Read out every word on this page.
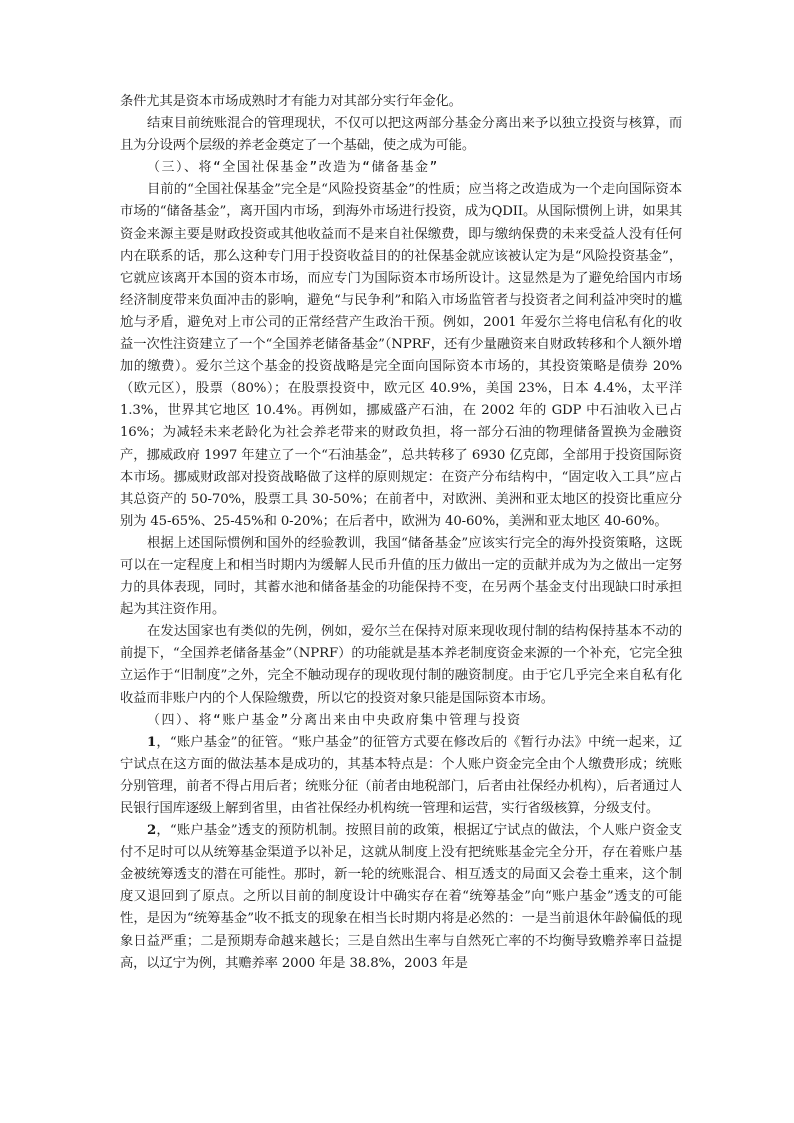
条件尤其是资本市场成熟时才有能力对其部分实行年金化。

结束目前统账混合的管理现状，不仅可以把这两部分基金分离出来予以独立投资与核算，而且为分设两个层级的养老金奠定了一个基础，使之成为可能。

（三）、将“全国社保基金”改造为“储备基金”

目前的“全国社保基金”完全是“风险投资基金”的性质；应当将之改造成为一个走向国际资本市场的“储备基金”，离开国内市场，到海外市场进行投资，成为QDII。从国际惯例上讲，如果其资金来源主要是财政投资或其他收益而不是来自社保缴费，即与缴纳保费的未来受益人没有任何内在联系的话，那么这种专门用于投资收益目的的社保基金就应该被认定为是“风险投资基金”，它就应该离开本国的资本市场，而应专门为国际资本市场所设计。这显然是为了避免给国内市场经济制度带来负面冲击的影响，避免“与民争利”和陷入市场监管者与投资者之间利益冲突时的尴尬与矛盾，避免对上市公司的正常经营产生政治干预。例如，2001 年爱尔兰将电信私有化的收益一次性注资建立了一个“全国养老储备基金”（NPRF，还有少量融资来自财政转移和个人额外增加的缴费）。爱尔兰这个基金的投资战略是完全面向国际资本市场的，其投资策略是债券 20%（欧元区），股票（80%）；在股票投资中，欧元区 40.9%，美国 23%，日本 4.4%，太平洋 1.3%，世界其它地区 10.4%。再例如，挪威盛产石油，在 2002 年的 GDP 中石油收入已占 16%；为减轻未来老龄化为社会养老带来的财政负担，将一部分石油的物理储备置换为金融资产，挪威政府 1997 年建立了一个“石油基金”，总共转移了 6930 亿克郎，全部用于投资国际资本市场。挪威财政部对投资战略做了这样的原则规定：在资产分布结构中，“固定收入工具”应占其总资产的 50-70%，股票工具 30-50%；在前者中，对欧洲、美洲和亚太地区的投资比重应分别为 45-65%、25-45%和 0-20%；在后者中，欧洲为 40-60%，美洲和亚太地区 40-60%。

根据上述国际惯例和国外的经验教训，我国“储备基金”应该实行完全的海外投资策略，这既可以在一定程度上和相当时期内为缓解人民币升值的压力做出一定的贡献并成为为之做出一定努力的具体表现，同时，其蓄水池和储备基金的功能保持不变，在另两个基金支付出现缺口时承担起为其注资作用。

在发达国家也有类似的先例，例如，爱尔兰在保持对原来现收现付制的结构保持基本不动的前提下，“全国养老储备基金”（NPRF）的功能就是基本养老制度资金来源的一个补充，它完全独立运作于“旧制度”之外，完全不触动现存的现收现付制的融资制度。由于它几乎完全来自私有化收益而非账户内的个人保险缴费，所以它的投资对象只能是国际资本市场。

（四）、将“账户基金”分离出来由中央政府集中管理与投资

1，“账户基金”的征管。“账户基金”的征管方式要在修改后的《暂行办法》中统一起来，辽宁试点在这方面的做法基本是成功的，其基本特点是：个人账户资金完全由个人缴费形成；统账分别管理，前者不得占用后者；统账分征（前者由地税部门，后者由社保经办机构），后者通过人民银行国库逐级上解到省里，由省社保经办机构统一管理和运营，实行省级核算，分级支付。

2，“账户基金”透支的预防机制。按照目前的政策，根据辽宁试点的做法，个人账户资金支付不足时可以从统筹基金渠道予以补足，这就从制度上没有把统账基金完全分开，存在着账户基金被统筹透支的潜在可能性。那时，新一轮的统账混合、相互透支的局面又会卷土重来，这个制度又退回到了原点。之所以目前的制度设计中确实存在着“统筹基金”向“账户基金”透支的可能性，是因为“统筹基金”收不抵支的现象在相当长时期内将是必然的：一是当前退休年龄偏低的现象日益严重；二是预期寿命越来越长；三是自然出生率与自然死亡率的不均衡导致赡养率日益提高，以辽宁为例，其赡养率 2000 年是 38.8%，2003 年是
